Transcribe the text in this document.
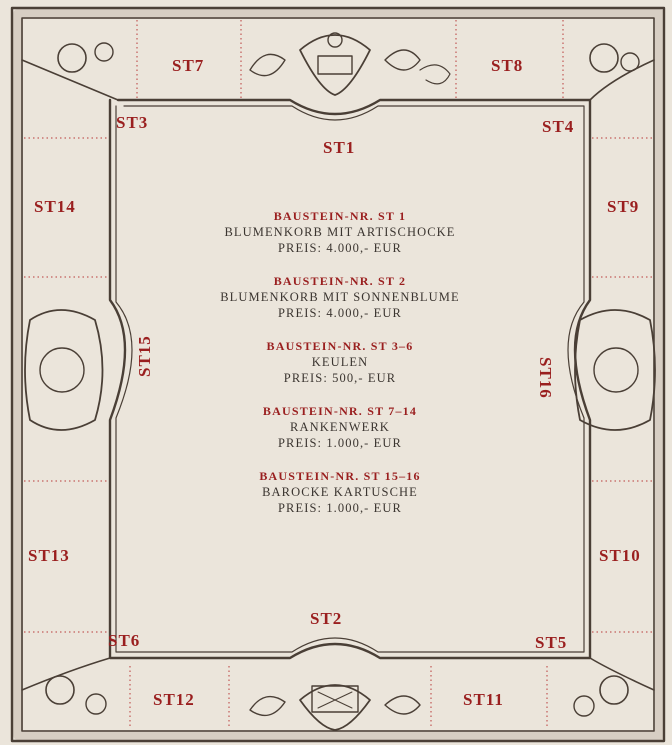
ST1
ST2
ST3	ST4
ST5
ST6
ST7	ST8
ST9
ST10
ST11
ST12
ST13
ST14
ST15
ST16
BAUSTEIN-NR. ST 1
BLUMENKORB MIT ARTISCHOCKE
PREIS: 4.000,- EUR
BAUSTEIN-NR. ST 2
BLUMENKORB MIT SONNENBLUME
PREIS: 4.000,- EUR
BAUSTEIN-NR. ST 3–6
KEULEN
PREIS: 500,- EUR
BAUSTEIN-NR. ST 7–14
RANKENWERK
PREIS: 1.000,- EUR
BAUSTEIN-NR. ST 15–16
BAROCKE KARTUSCHE
PREIS: 1.000,- EUR
